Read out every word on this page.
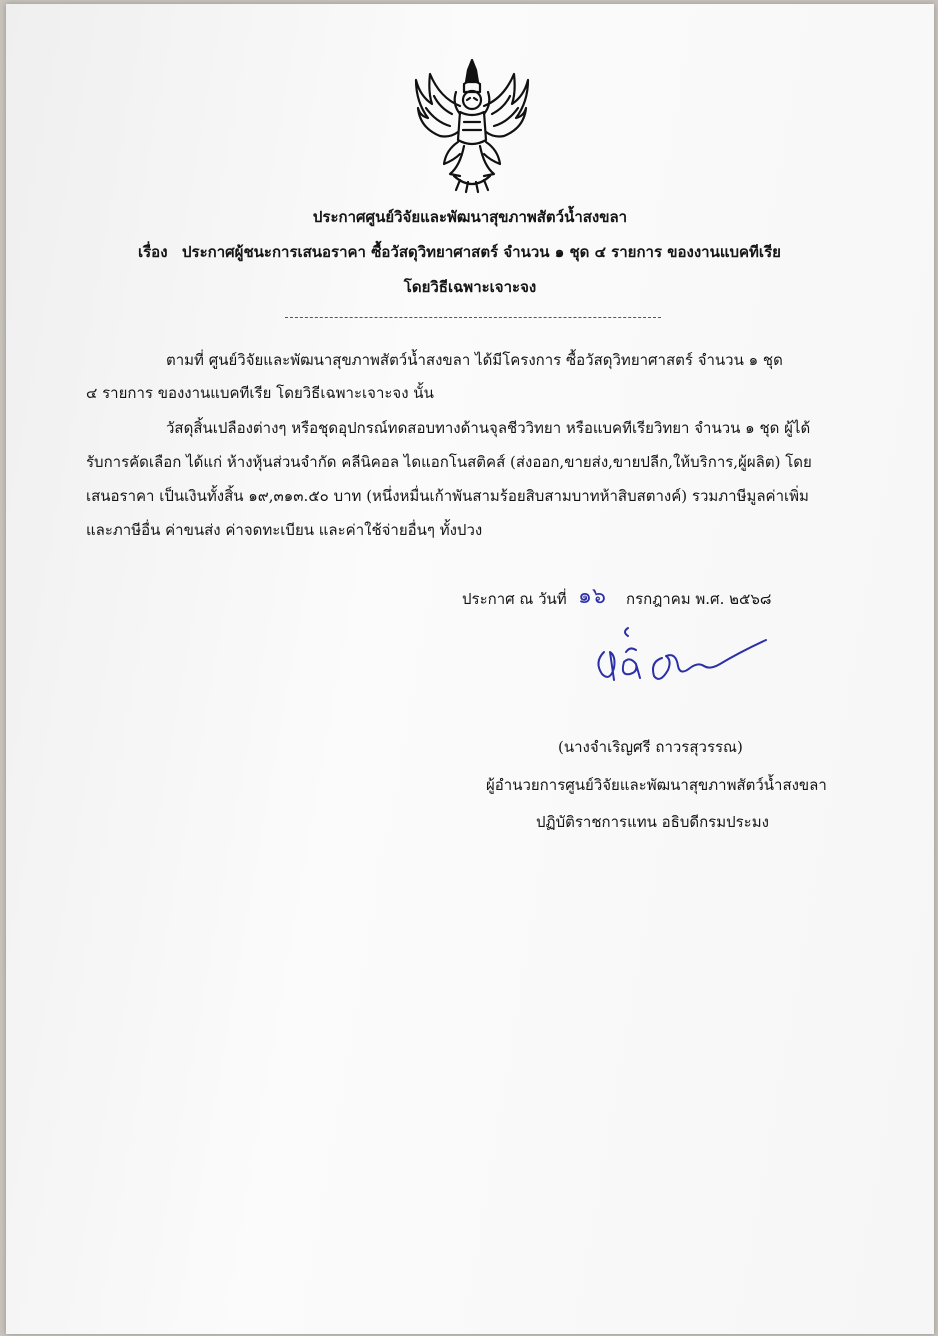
ประกาศศูนย์วิจัยและพัฒนาสุขภาพสัตว์น้ำสงขลา
เรื่อง ประกาศผู้ชนะการเสนอราคา ซื้อวัสดุวิทยาศาสตร์ จำนวน ๑ ชุด ๔ รายการ ของงานแบคทีเรีย
โดยวิธีเฉพาะเจาะจง
ตามที่ ศูนย์วิจัยและพัฒนาสุขภาพสัตว์น้ำสงขลา ได้มีโครงการ ซื้อวัสดุวิทยาศาสตร์ จำนวน ๑ ชุด
๔ รายการ ของงานแบคทีเรีย โดยวิธีเฉพาะเจาะจง นั้น
วัสดุสิ้นเปลืองต่างๆ หรือชุดอุปกรณ์ทดสอบทางด้านจุลชีววิทยา หรือแบคทีเรียวิทยา จำนวน ๑ ชุด ผู้ได้
รับการคัดเลือก ได้แก่ ห้างหุ้นส่วนจำกัด คลีนิคอล ไดแอกโนสติคส์ (ส่งออก,ขายส่ง,ขายปลีก,ให้บริการ,ผู้ผลิต) โดย
เสนอราคา เป็นเงินทั้งสิ้น ๑๙,๓๑๓.๕๐ บาท (หนึ่งหมื่นเก้าพันสามร้อยสิบสามบาทห้าสิบสตางค์) รวมภาษีมูลค่าเพิ่ม
และภาษีอื่น ค่าขนส่ง ค่าจดทะเบียน และค่าใช้จ่ายอื่นๆ ทั้งปวง
ประกาศ ณ วันที่ ๑๖ กรกฎาคม พ.ศ. ๒๕๖๘
(นางจำเริญศรี ถาวรสุวรรณ)
ผู้อำนวยการศูนย์วิจัยและพัฒนาสุขภาพสัตว์น้ำสงขลา
ปฏิบัติราชการแทน อธิบดีกรมประมง
